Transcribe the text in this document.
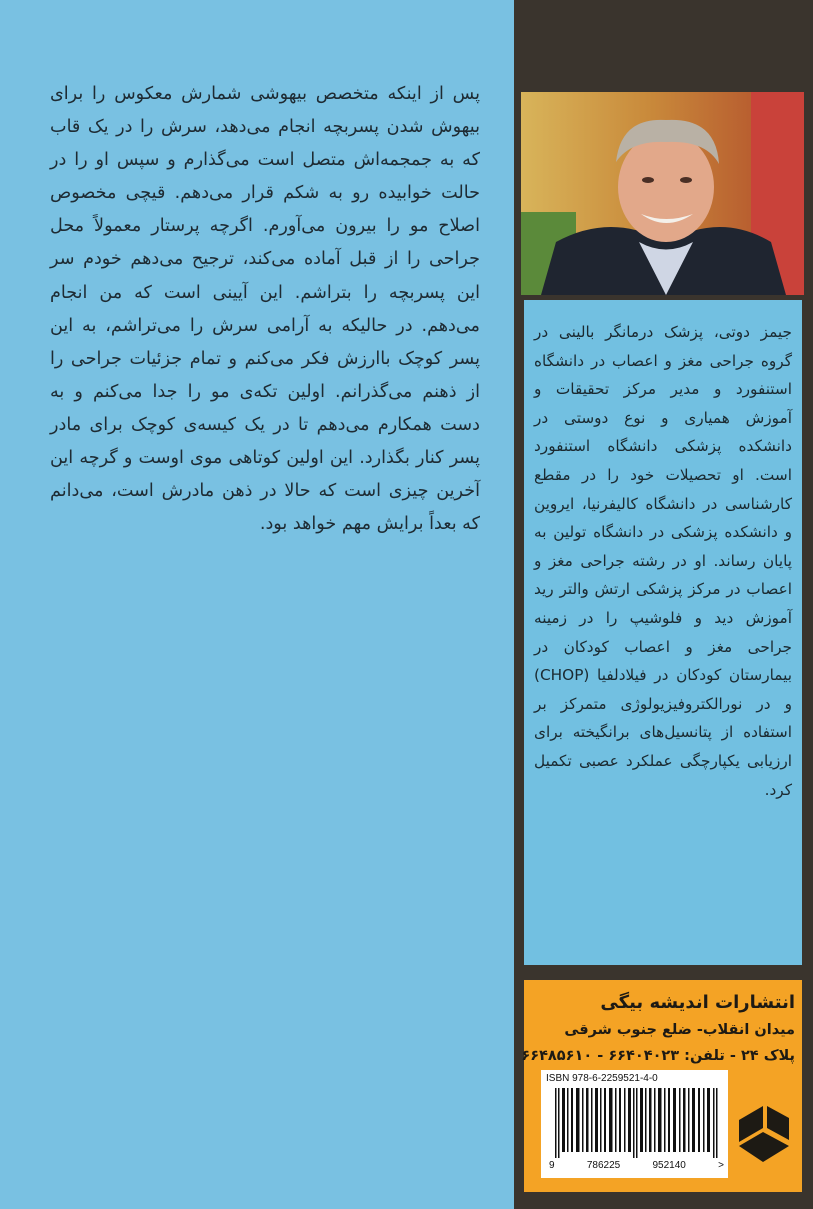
پس از اینکه متخصص بیهوشی شمارش معکوس را برای بیهوش شدن پسربچه انجام می‌دهد، سرش را در یک قاب که به جمجمه‌اش متصل است می‌گذارم و سپس او را در حالت خوابیده رو به شکم قرار می‌دهم. قیچی مخصوص اصلاح مو را بیرون می‌آورم. اگرچه پرستار معمولاً محل جراحی را از قبل آماده می‌کند، ترجیح می‌دهم خودم سر این پسربچه را بتراشم. این آیینی است که من انجام می‌دهم. در حالیکه به آرامی سرش را می‌تراشم، به این پسر کوچک باارزش فکر می‌کنم و تمام جزئیات جراحی را از ذهنم می‌گذرانم. اولین تکه‌ی مو را جدا می‌کنم و به دست همکارم می‌دهم تا در یک کیسه‌ی کوچک برای مادر پسر کنار بگذارد. این اولین کوتاهی موی اوست و گرچه این آخرین چیزی است که حالا در ذهن مادرش است، می‌دانم که بعداً برایش مهم خواهد بود.

جیمز دوتی، پزشک درمانگر بالینی در گروه جراحی مغز و اعصاب در دانشگاه استنفورد و مدیر مرکز تحقیقات و آموزش همیاری و نوع دوستی در دانشکده پزشکی دانشگاه استنفورد است. او تحصیلات خود را در مقطع کارشناسی در دانشگاه کالیفرنیا، ایروین و دانشکده پزشکی در دانشگاه تولین به پایان رساند. او در رشته جراحی مغز و اعصاب در مرکز پزشکی ارتش والتر رید آموزش دید و فلوشیپ را در زمینه جراحی مغز و اعصاب کودکان در بیمارستان کودکان در فیلادلفیا (CHOP) و در نورالکتروفیزیولوژی متمرکز بر استفاده از پتانسیل‌های برانگیخته برای ارزیابی یکپارچگی عملکرد عصبی تکمیل کرد.

انتشارات اندیشه بیگی
میدان انقلاب- ضلع جنوب شرقی
پلاک ۲۴ - تلفن: ۶۶۴۰۴۰۲۳ - ۶۶۴۸۵۶۱۰
ISBN 978-6-2259521-4-0
9	786225	952140	>
